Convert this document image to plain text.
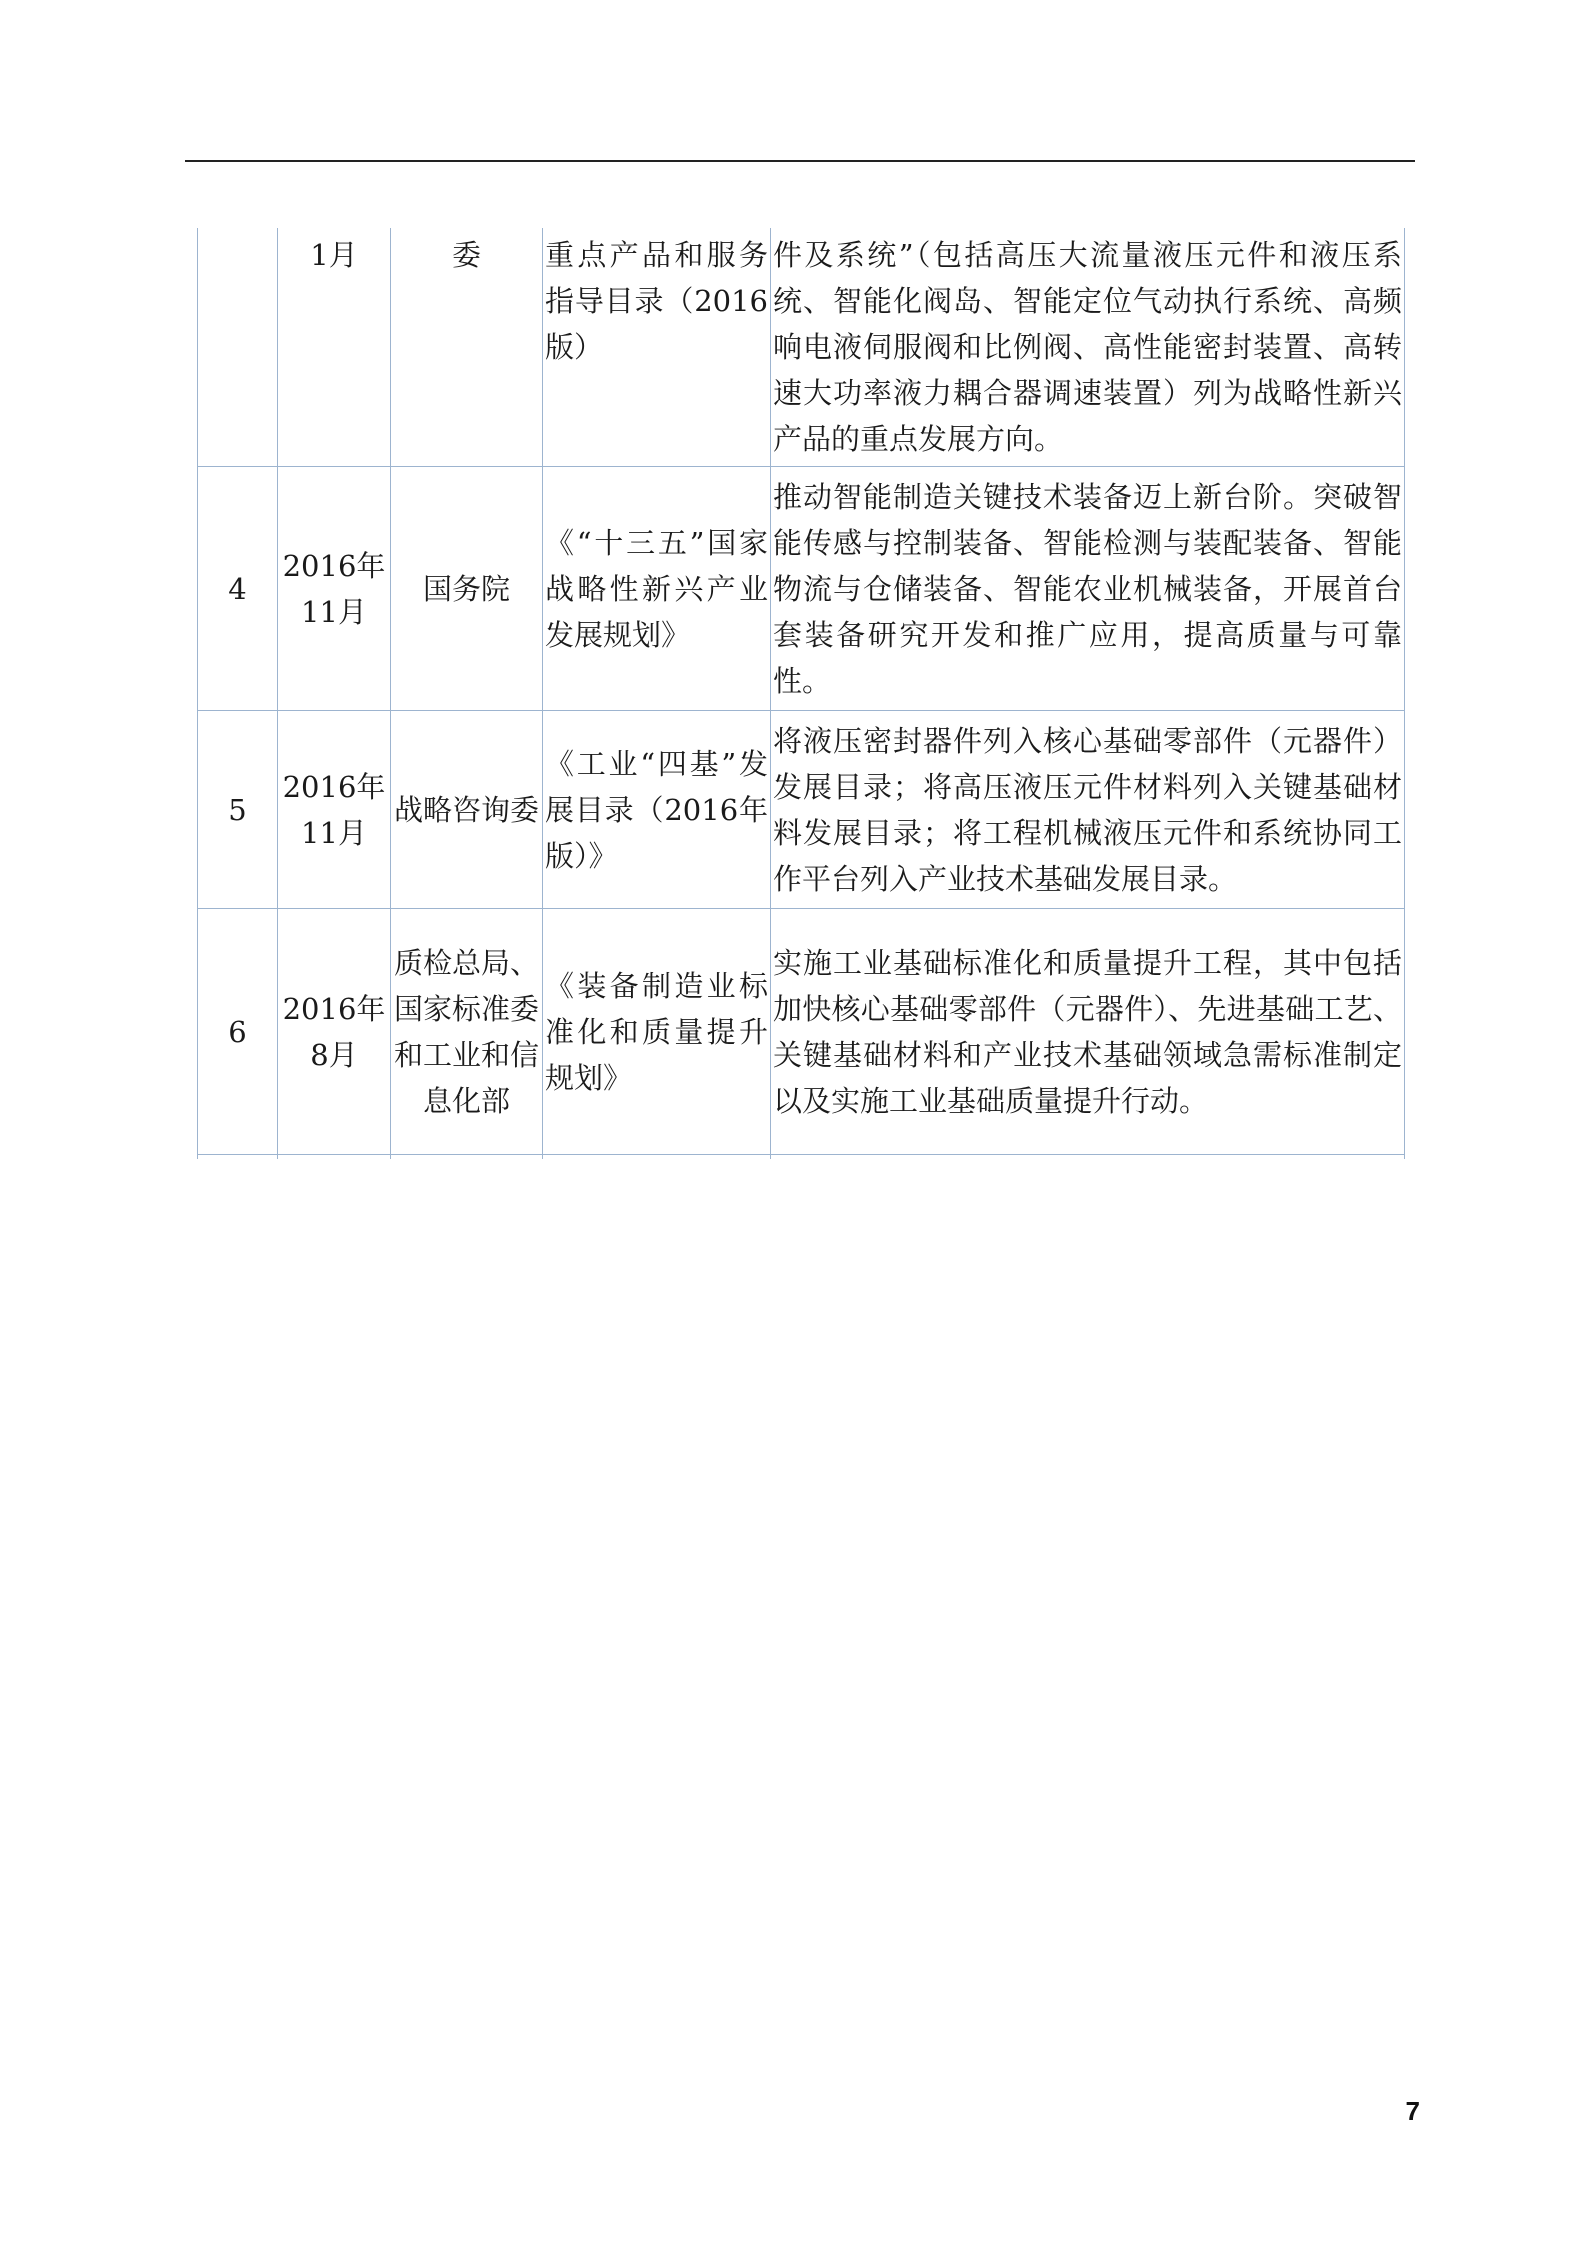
	1月	委	重点产品和服务指导目录（2016版）	件及系统”（包括高压大流量液压元件和液压系统、智能化阀岛、智能定位气动执行系统、高频响电液伺服阀和比例阀、高性能密封装置、高转速大功率液力耦合器调速装置）列为战略性新兴产品的重点发展方向。
4	2016年11月	国务院	《“十三五”国家战略性新兴产业发展规划》	推动智能制造关键技术装备迈上新台阶。突破智能传感与控制装备、智能检测与装配装备、智能物流与仓储装备、智能农业机械装备，开展首台套装备研究开发和推广应用，提高质量与可靠性。
5	2016年11月	战略咨询委	《工业“四基”发展目录（2016年版）》	将液压密封器件列入核心基础零部件（元器件）发展目录；将高压液压元件材料列入关键基础材料发展目录；将工程机械液压元件和系统协同工作平台列入产业技术基础发展目录。
6	2016年8月	质检总局、国家标准委和工业和信息化部	《装备制造业标准化和质量提升规划》	实施工业基础标准化和质量提升工程，其中包括加快核心基础零部件（元器件）、先进基础工艺、关键基础材料和产业技术基础领域急需标准制定以及实施工业基础质量提升行动。

7
